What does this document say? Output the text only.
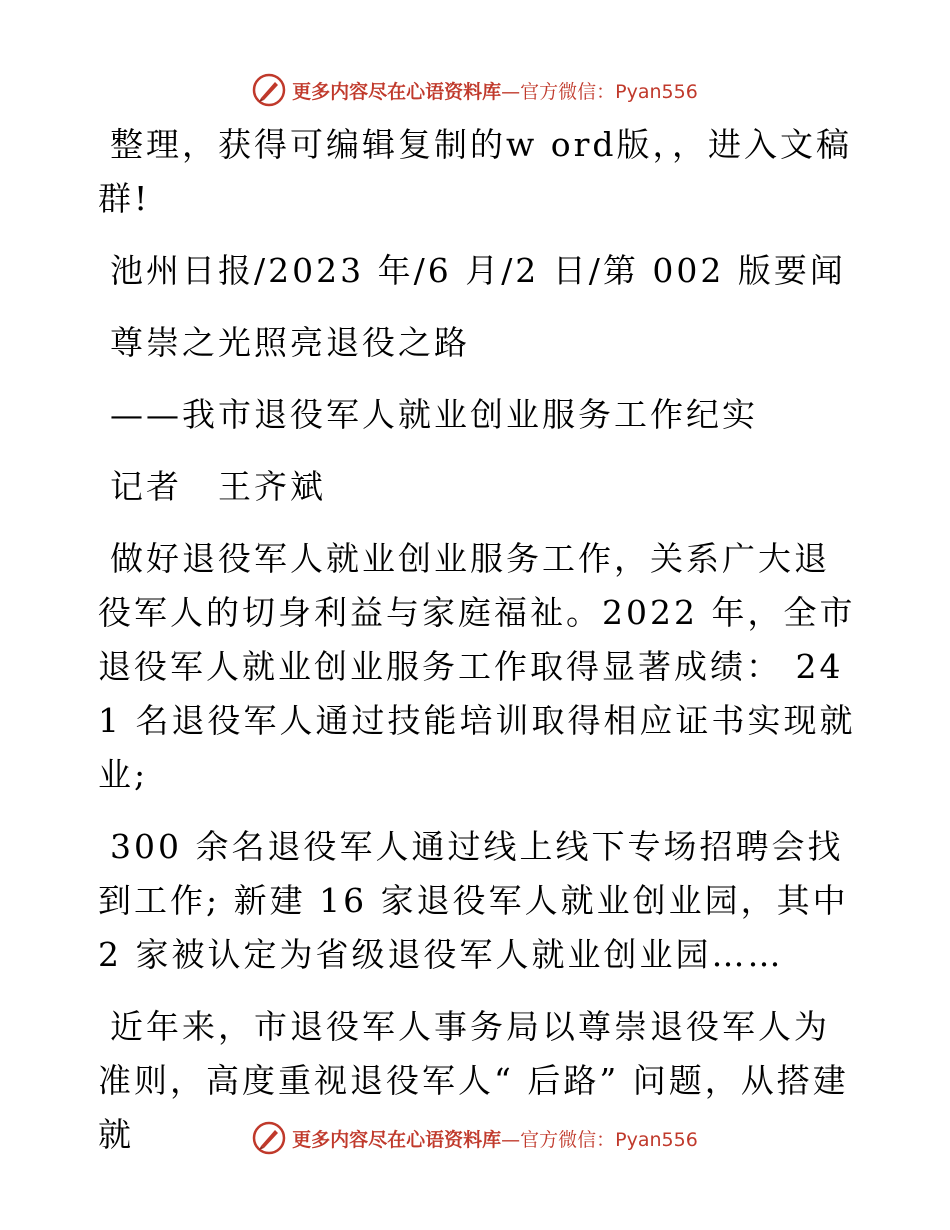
更多内容尽在心语资料库—官方微信：Pyan556

整理，获得可编辑复制的w ord版，，进入文稿群!

池州日报/2023 年/6 月/2 日/第 002 版要闻

尊崇之光照亮退役之路

——我市退役军人就业创业服务工作纪实

记者　王齐斌

做好退役军人就业创业服务工作，关系广大退役军人的切身利益与家庭福祉。2022 年，全市退役军人就业创业服务工作取得显著成绩： 241 名退役军人通过技能培训取得相应证书实现就业;

300 余名退役军人通过线上线下专场招聘会找到工作; 新建 16 家退役军人就业创业园，其中 2 家被认定为省级退役军人就业创业园……

近年来，市退役军人事务局以尊崇退役军人为准则，高度重视退役军人“ 后路” 问题，从搭建就	更多内容尽在心语资料库—官方微信：Pyan556
